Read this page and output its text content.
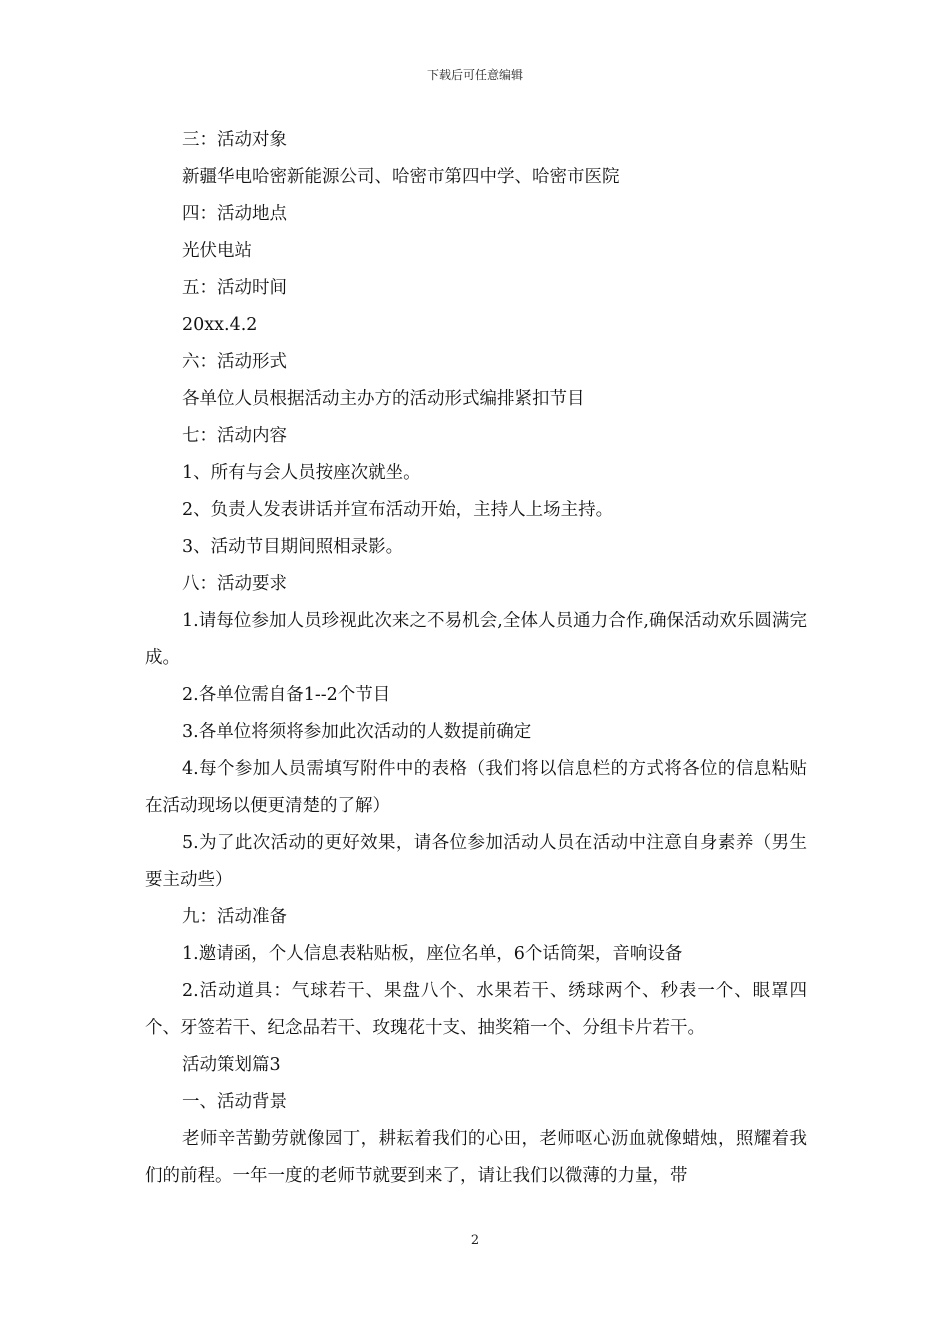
下载后可任意编辑

三：活动对象

新疆华电哈密新能源公司、哈密市第四中学、哈密市医院

四：活动地点

光伏电站

五：活动时间

20xx.4.2

六：活动形式

各单位人员根据活动主办方的活动形式编排紧扣节目

七：活动内容

1、所有与会人员按座次就坐。

2、负责人发表讲话并宣布活动开始，主持人上场主持。

3、活动节目期间照相录影。

八：活动要求

1.请每位参加人员珍视此次来之不易机会,全体人员通力合作,确保活动欢乐圆满完成。

2.各单位需自备1--2个节目

3.各单位将须将参加此次活动的人数提前确定

4.每个参加人员需填写附件中的表格（我们将以信息栏的方式将各位的信息粘贴在活动现场以便更清楚的了解）

5.为了此次活动的更好效果，请各位参加活动人员在活动中注意自身素养（男生要主动些）

九：活动准备

1.邀请函，个人信息表粘贴板，座位名单，6个话筒架，音响设备

2.活动道具：气球若干、果盘八个、水果若干、绣球两个、秒表一个、眼罩四个、牙签若干、纪念品若干、玫瑰花十支、抽奖箱一个、分组卡片若干。

活动策划篇3

一、活动背景

老师辛苦勤劳就像园丁，耕耘着我们的心田，老师呕心沥血就像蜡烛，照耀着我们的前程。一年一度的老师节就要到来了，请让我们以微薄的力量，带

2
